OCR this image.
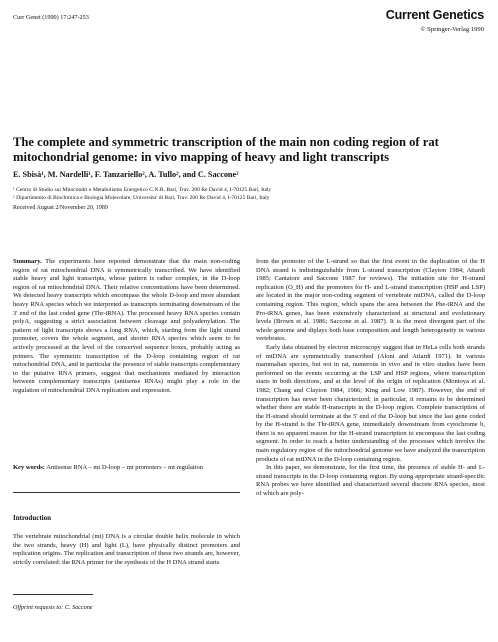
Curr Genet (1990) 17:247-253	Current Genetics
© Springer-Verlag 1990
The complete and symmetric transcription of the main non coding region of rat
mitochondrial genome: in vivo mapping of heavy and light transcripts
E. Sbisà¹, M. Nardelli¹, F. Tanzariello², A. Tullo², and C. Saccone²
¹ Centro di Studio sui Mitocondri e Metabolismo Energetico C.N.R. Bari, Trav. 200 Re David 4, I-70125 Bari, Italy
² Dipartimento di Biochimica e Biologia Molecolare, Universita' di Bari, Trav. 200 Re David 4, I-70125 Bari, Italy
Received August 2/November 20, 1989

Summary. The experiments here reported demonstrate that the main non-coding region of rat mitochondrial DNA is symmetrically transcribed. We have identified stable heavy and light transcripts, whose pattern is rather complex, in the D-loop region of rat mitochondrial DNA. Their relative concentrations have been determined. We detected heavy transcripts which encompass the whole D-loop and more abundant heavy RNA species which we interpreted as transcripts terminating downstream of the 3' end of the last coded gene (Thr-tRNA). The processed heavy RNA species contain polyA, suggesting a strict association between cleavage and polyadenylation. The pattern of light transcripts shows a long RNA, which, starting from the light strand promoter, covers the whole segment, and shorter RNA species which seem to be actively processed at the level of the conserved sequence boxes, probably acting as primers. The symmetric transcription of the D-loop containing region of rat mitochondrial DNA, and in particular the presence of stable transcripts complementary to the putative RNA primers, suggest that mechanisms mediated by interaction between complementary transcripts (antisense RNAs) might play a role in the regulation of mitochondrial DNA replication and expression.

Key words: Antisense RNA – mt D-loop – mt promoters – mt regulation

Introduction
The vertebrate mitochondrial (mt) DNA is a circular double helix molecule in which the two strands, heavy (H) and light (L), have physically distinct promoters and replication origins. The replication and transcription of these two strands are, however, strictly correlated: the RNA primer for the synthesis of the H DNA strand starts
Offprint requests to: C. Saccone

from the promoter of the L-strand so that the first event in the duplication of the H DNA strand is indistinguishable from L-strand transcription (Clayton 1984; Attardi 1985; Cantatore and Saccone 1987 for reviews). The initiation site for H-strand replication (O_H) and the promoters for H- and L-strand transcription (HSP and LSP) are located in the major non-coding segment of vertebrate mtDNA, called the D-loop containing region. This region, which spans the area between the Phe-tRNA and the Pro-tRNA genes, has been extensively characterized at structural and evolutionary levels (Brown et al. 1986; Saccone et al. 1987). It is the most divergent part of the whole genome and diplays both base composition and length heterogeneity in various vertebrates.

Early data obtained by electron microscopy suggest that in HeLa cells both strands of mtDNA are symmetrically transcribed (Aloni and Attardi 1971). In various mammalian species, but not in rat, numerous in vivo and in vitro studies have been performed on the events occurring at the LSP and HSP regions, where transcription starts in both directions, and at the level of the origin of replication (Montoya et al. 1982; Chang and Clayton 1984, 1986; King and Low 1987). However, the end of transcription has never been characterized; in particular, it remains to be determined whether there are stable H-transcripts in the D-loop region. Complete transcription of the H-strand should terminate at the 5' end of the D-loop but since the last gene coded by the H-strand is the Thr-tRNA gene, immediately downstream from cytochrome b, there is no apparent reason for the H-strand transcription to encompass the last coding segment. In order to reach a better understanding of the processes which involve the main regulatory region of the mitochondrial genome we have analyzed the transcription products of rat mtDNA in the D-loop containing region.

In this paper, we demonstrate, for the first time, the presence of stable H- and L-strand transcripts in the D-loop containing region. By using appropriate strand-specific RNA probes we have identified and characterized several discrete RNA species, most of which are poly-
